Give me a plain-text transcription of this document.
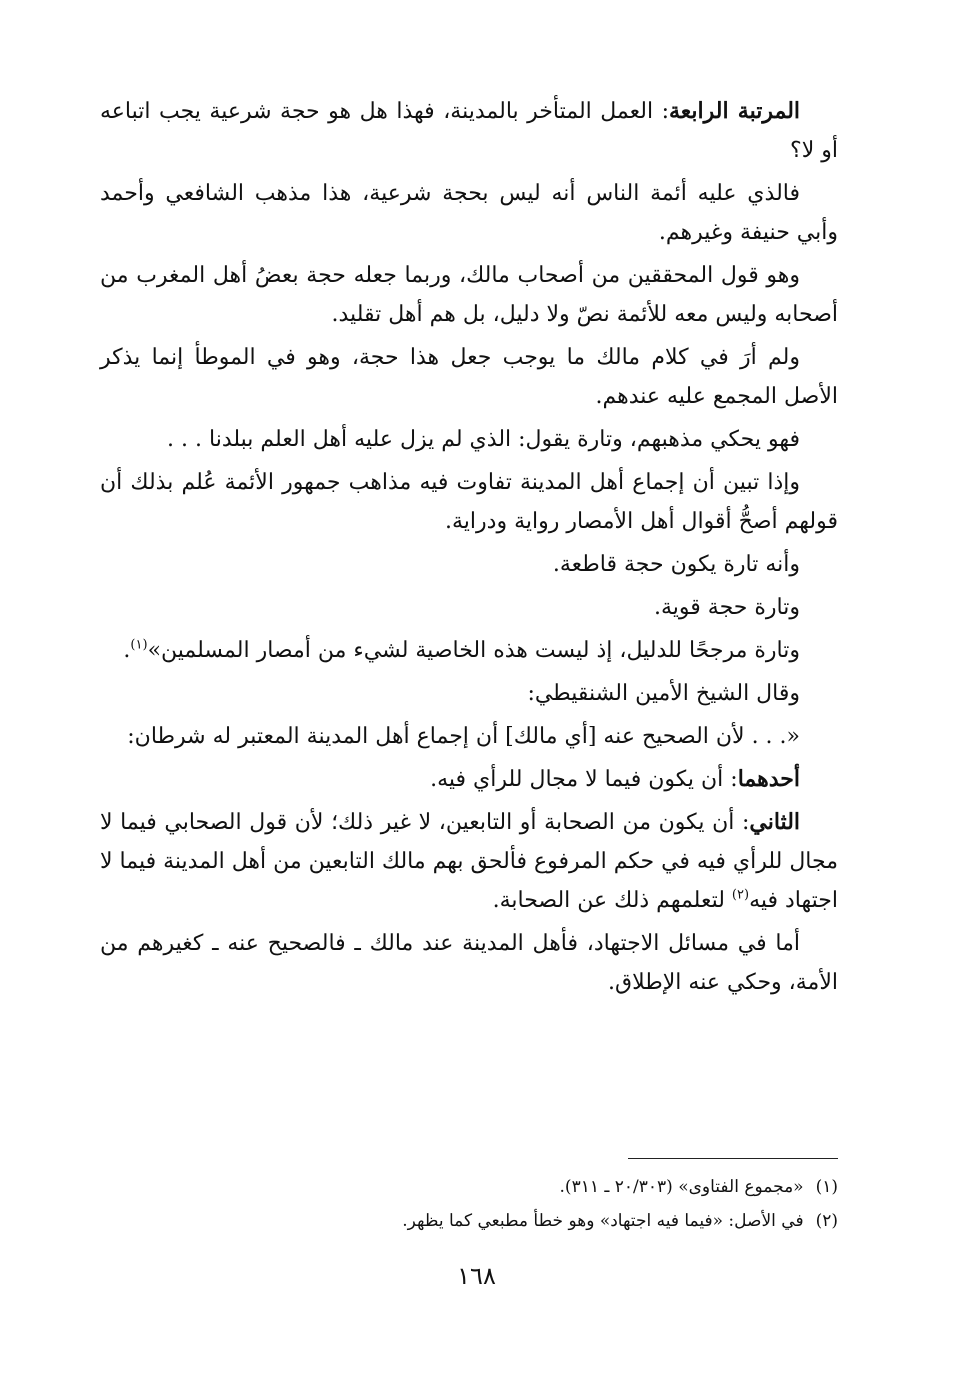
المرتبة الرابعة: العمل المتأخر بالمدينة، فهذا هل هو حجة شرعية يجب اتباعه أو لا؟

فالذي عليه أئمة الناس أنه ليس بحجة شرعية، هذا مذهب الشافعي وأحمد وأبي حنيفة وغيرهم.

وهو قول المحققين من أصحاب مالك، وربما جعله حجة بعضُ أهل المغرب من أصحابه وليس معه للأئمة نصّ ولا دليل، بل هم أهل تقليد.

ولم أرَ في كلام مالك ما يوجب جعل هذا حجة، وهو في الموطأ إنما يذكر الأصل المجمع عليه عندهم.

فهو يحكي مذهبهم، وتارة يقول: الذي لم يزل عليه أهل العلم ببلدنا . . .

وإذا تبين أن إجماع أهل المدينة تفاوت فيه مذاهب جمهور الأئمة عُلم بذلك أن قولهم أصحُّ أقوال أهل الأمصار رواية ودراية.

وأنه تارة يكون حجة قاطعة.

وتارة حجة قوية.

وتارة مرجحًا للدليل، إذ ليست هذه الخاصية لشيء من أمصار المسلمين»$^{(١)}$.

وقال الشيخ الأمين الشنقيطي:

«. . . لأن الصحيح عنه [أي مالك] أن إجماع أهل المدينة المعتبر له شرطان:

أحدهما: أن يكون فيما لا مجال للرأي فيه.

الثاني: أن يكون من الصحابة أو التابعين، لا غير ذلك؛ لأن قول الصحابي فيما لا مجال للرأي فيه في حكم المرفوع فألحق بهم مالك التابعين من أهل المدينة فيما لا اجتهاد فيه$^{(٢)}$ لتعلمهم ذلك عن الصحابة.

أما في مسائل الاجتهاد، فأهل المدينة عند مالك ـ فالصحيح عنه ـ كغيرهم من الأمة، وحكي عنه الإطلاق.

(١)«مجموع الفتاوى» (٢٠/٣٠٣ ـ ٣١١).
(٢)في الأصل: «فيما فيه اجتهاد» وهو خطأ مطبعي كما يظهر.
١٦٨
